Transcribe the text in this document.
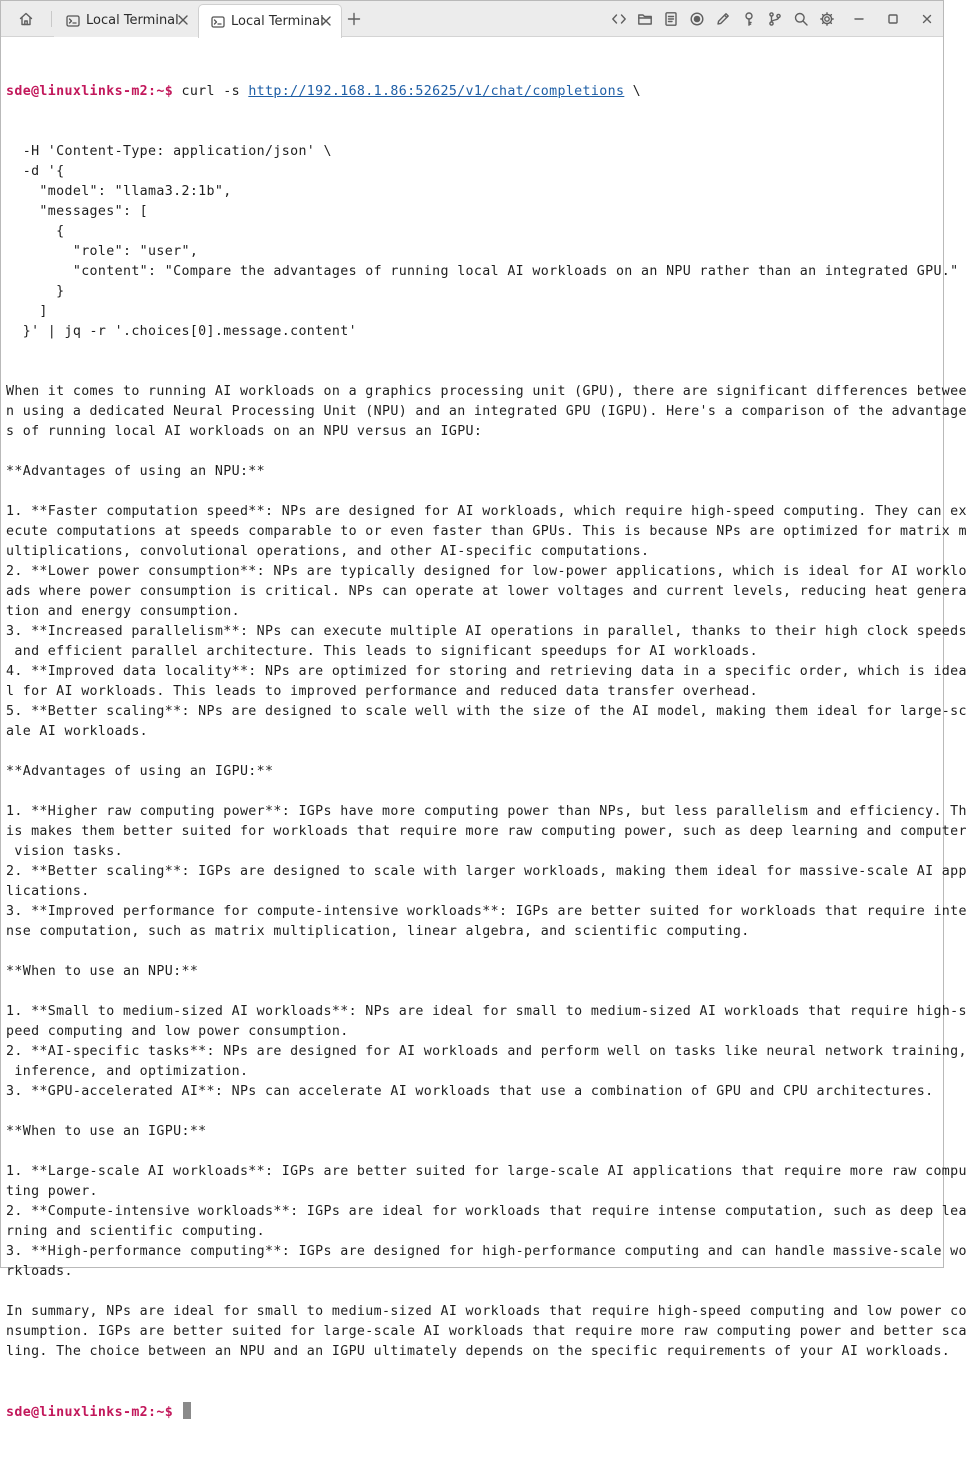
Local Terminal	Local Terminal

sde@linuxlinks-m2:~$ curl -s http://192.168.1.86:52625/v1/chat/completions \

-H 'Content-Type: application/json' \
-d '{
"model": "llama3.2:1b",
"messages": [
{
"role": "user",
"content": "Compare the advantages of running local AI workloads on an NPU rather than an integrated GPU."
}
]
}' | jq -r '.choices[0].message.content'

When it comes to running AI workloads on a graphics processing unit (GPU), there are significant differences betwee
n using a dedicated Neural Processing Unit (NPU) and an integrated GPU (IGPU). Here's a comparison of the advantage
s of running local AI workloads on an NPU versus an IGPU:
**Advantages of using an NPU:**
1. **Faster computation speed**: NPs are designed for AI workloads, which require high-speed computing. They can ex
ecute computations at speeds comparable to or even faster than GPUs. This is because NPs are optimized for matrix m
ultiplications, convolutional operations, and other AI-specific computations.
2. **Lower power consumption**: NPs are typically designed for low-power applications, which is ideal for AI worklo
ads where power consumption is critical. NPs can operate at lower voltages and current levels, reducing heat genera
tion and energy consumption.
3. **Increased parallelism**: NPs can execute multiple AI operations in parallel, thanks to their high clock speeds
and efficient parallel architecture. This leads to significant speedups for AI workloads.
4. **Improved data locality**: NPs are optimized for storing and retrieving data in a specific order, which is idea
l for AI workloads. This leads to improved performance and reduced data transfer overhead.
5. **Better scaling**: NPs are designed to scale well with the size of the AI model, making them ideal for large-sc
ale AI workloads.
**Advantages of using an IGPU:**
1. **Higher raw computing power**: IGPs have more computing power than NPs, but less parallelism and efficiency. Th
is makes them better suited for workloads that require more raw computing power, such as deep learning and computer
vision tasks.
2. **Better scaling**: IGPs are designed to scale with larger workloads, making them ideal for massive-scale AI app
lications.
3. **Improved performance for compute-intensive workloads**: IGPs are better suited for workloads that require inte
nse computation, such as matrix multiplication, linear algebra, and scientific computing.
**When to use an NPU:**
1. **Small to medium-sized AI workloads**: NPs are ideal for small to medium-sized AI workloads that require high-s
peed computing and low power consumption.
2. **AI-specific tasks**: NPs are designed for AI workloads and perform well on tasks like neural network training,
inference, and optimization.
3. **GPU-accelerated AI**: NPs can accelerate AI workloads that use a combination of GPU and CPU architectures.
**When to use an IGPU:**
1. **Large-scale AI workloads**: IGPs are better suited for large-scale AI applications that require more raw compu
ting power.
2. **Compute-intensive workloads**: IGPs are ideal for workloads that require intense computation, such as deep lea
rning and scientific computing.
3. **High-performance computing**: IGPs are designed for high-performance computing and can handle massive-scale wo
rkloads.
In summary, NPs are ideal for small to medium-sized AI workloads that require high-speed computing and low power co
nsumption. IGPs are better suited for large-scale AI workloads that require more raw computing power and better sca
ling. The choice between an NPU and an IGPU ultimately depends on the specific requirements of your AI workloads.

sde@linuxlinks-m2:~$
